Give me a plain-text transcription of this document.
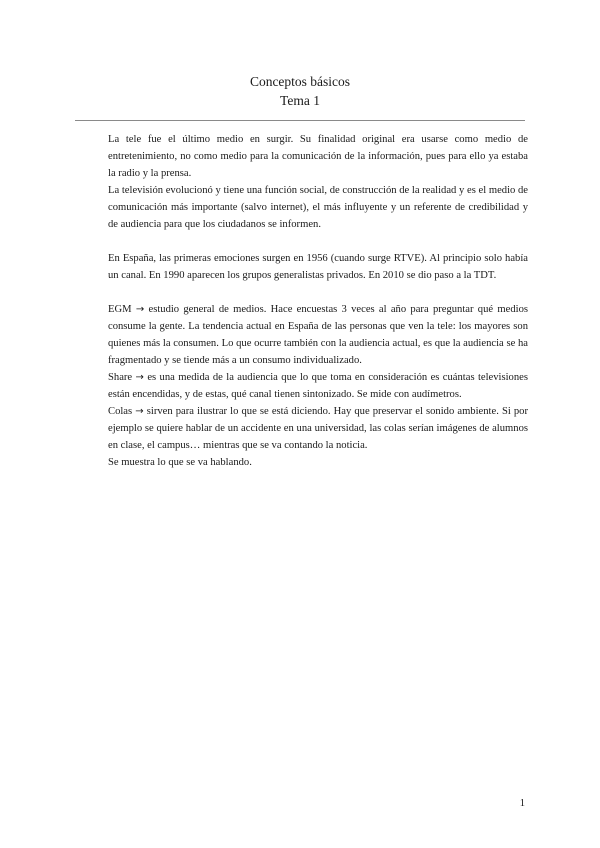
Conceptos básicos
Tema 1

La tele fue el último medio en surgir. Su finalidad original era usarse como medio de entretenimiento, no como medio para la comunicación de la información, pues para ello ya estaba la radio y la prensa.

La televisión evolucionó y tiene una función social, de construcción de la realidad y es el medio de comunicación más importante (salvo internet), el más influyente y un referente de credibilidad y de audiencia para que los ciudadanos se informen.

En España, las primeras emociones surgen en 1956 (cuando surge RTVE). Al principio solo había un canal. En 1990 aparecen los grupos generalistas privados. En 2010 se dio paso a la TDT.

EGM → estudio general de medios. Hace encuestas 3 veces al año para preguntar qué medios consume la gente. La tendencia actual en España de las personas que ven la tele: los mayores son quienes más la consumen. Lo que ocurre también con la audiencia actual, es que la audiencia se ha fragmentado y se tiende más a un consumo individualizado.

Share → es una medida de la audiencia que lo que toma en consideración es cuántas televisiones están encendidas, y de estas, qué canal tienen sintonizado. Se mide con audímetros.

Colas → sirven para ilustrar lo que se está diciendo. Hay que preservar el sonido ambiente. Si por ejemplo se quiere hablar de un accidente en una universidad, las colas serían imágenes de alumnos en clase, el campus… mientras que se va contando la noticia.

Se muestra lo que se va hablando.

1
